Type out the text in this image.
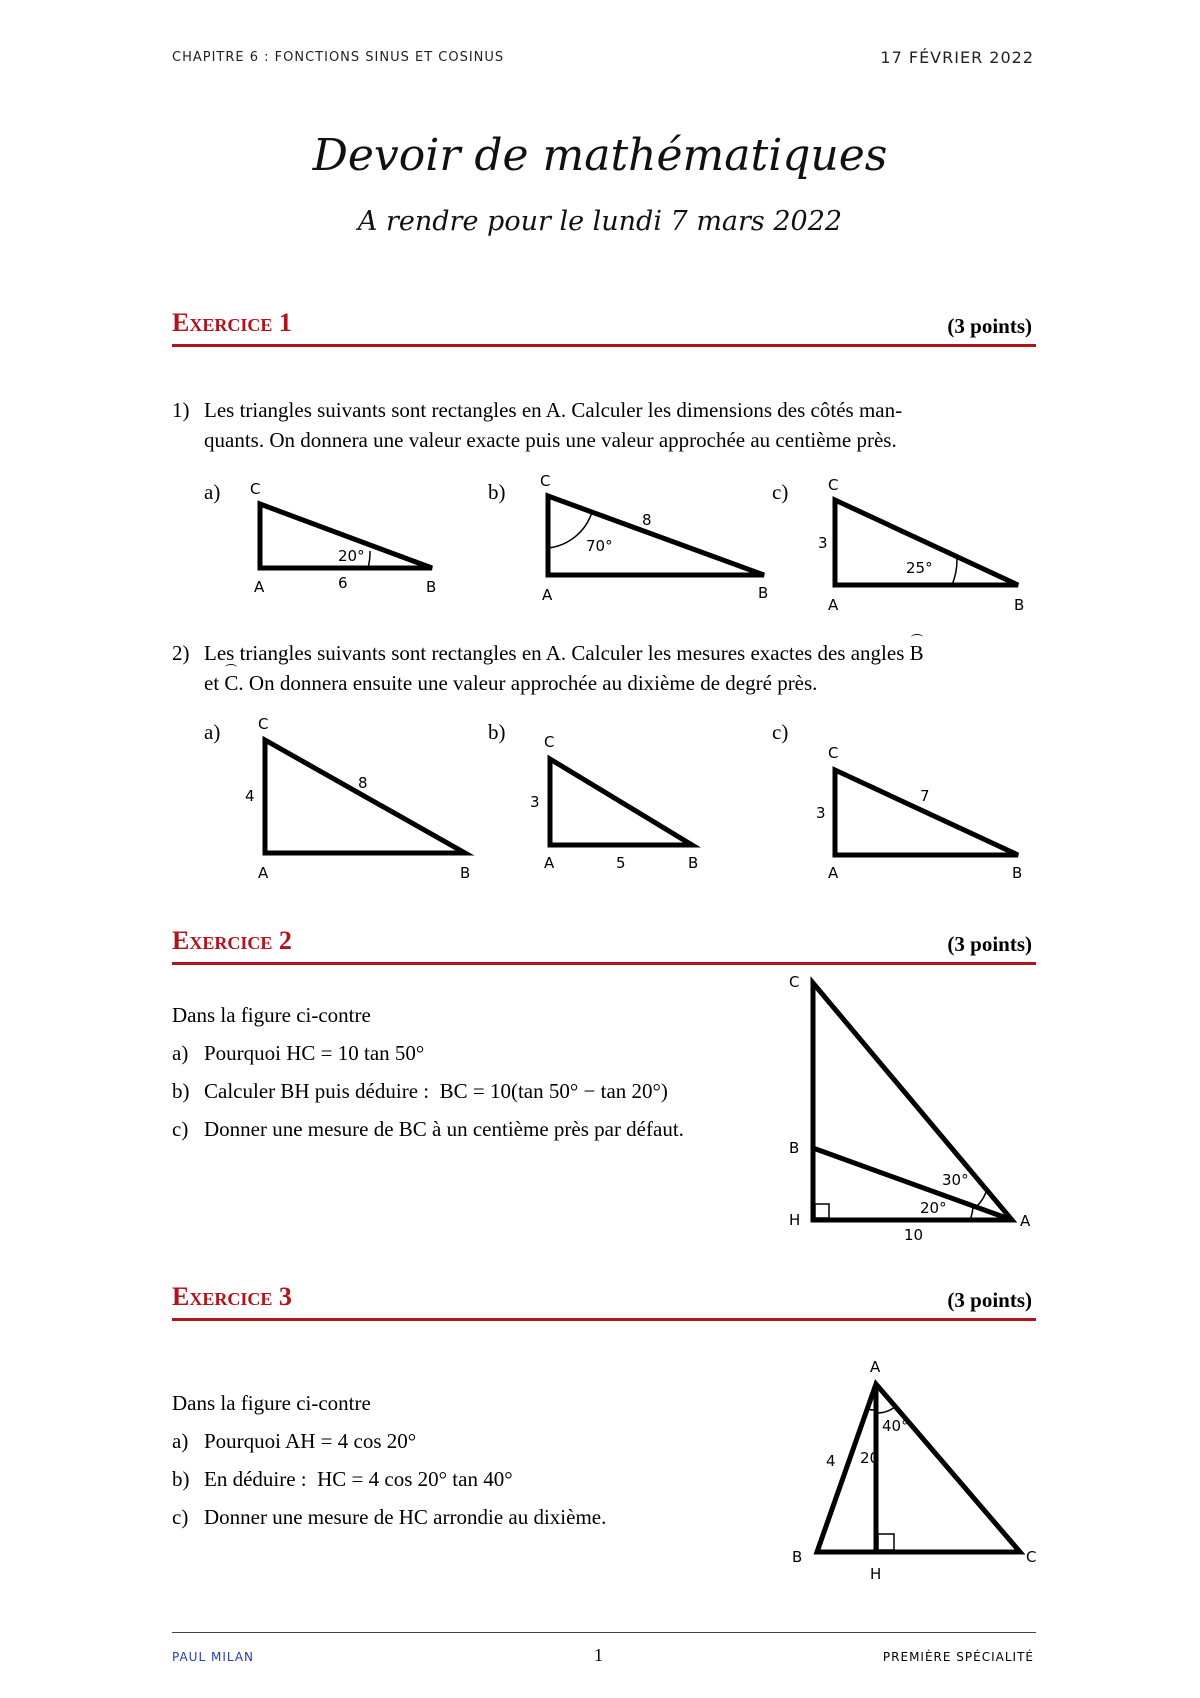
CHAPITRE 6 : FONCTIONS SINUS ET COSINUS	17 FÉVRIER 2022
Devoir de mathématiques
A rendre pour le lundi 7 mars 2022
Exercice 1	(3 points)
1) Les triangles suivants sont rectangles en A. Calculer les dimensions des côtés man-
quants. On donnera une valeur exacte puis une valeur approchée au centième près.
a)	b)	c)
C
A	B
6
20°
C
A	B
8
70°
C
3
A	B
25°
2) Les triangles suivants sont rectangles en A. Calculer les mesures exactes des angles B
et C. On donnera ensuite une valeur approchée au dixième de degré près.
a)	b)	c)
C
4
8
A	B
C
3
A	5	B
C
3
7
A	B
Exercice 2	(3 points)
Dans la figure ci-contre
a) Pourquoi HC = 10 tan 50°
b) Calculer BH puis déduire :  BC = 10(tan 50° − tan 20°)
c) Donner une mesure de BC à un centième près par défaut.
C
B
H	A
30°
20°
10
Exercice 3	(3 points)
Dans la figure ci-contre
a) Pourquoi AH = 4 cos 20°
b) En déduire :  HC = 4 cos 20° tan 40°
c) Donner une mesure de HC arrondie au dixième.
A
4 20
40°
B
H
C
PAUL MILAN	1	PREMIÈRE SPÉCIALITÉ
